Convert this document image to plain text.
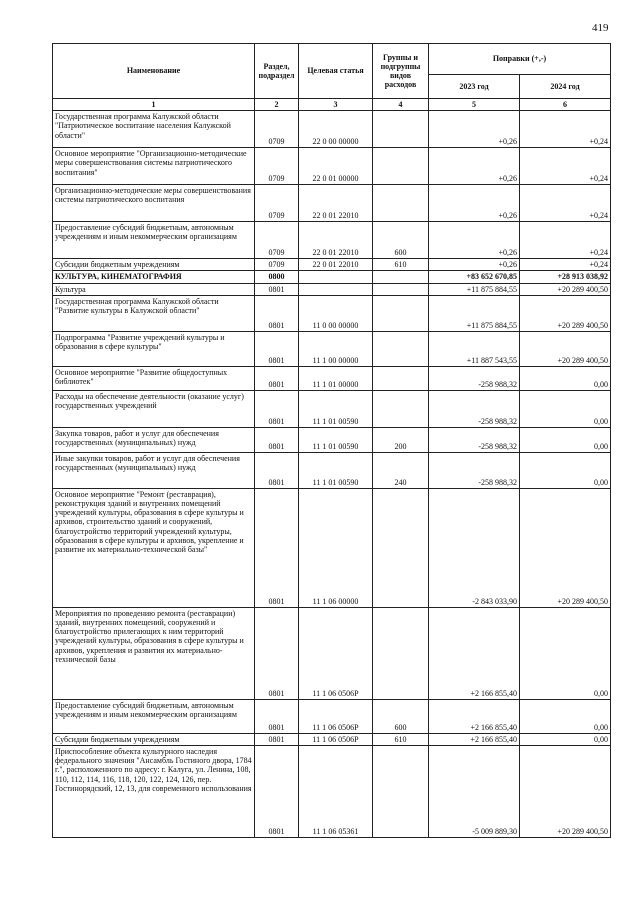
419
Наименование	Раздел, подраздел	Целевая статья	Группы и подгруппы видов расходов	Поправки (+,-)	
				2023 год	2024 год
1	2	3	4	5	6
Государственная программа Калужской области "Патриотическое воспитание населения Калужской области"	0709	22 0 00 00000		+0,26	+0,24
Основное мероприятие "Организационно-методические меры совершенствования системы патриотического воспитания"	0709	22 0 01 00000		+0,26	+0,24
Организационно-методические меры совершенствования системы патриотического воспитания	0709	22 0 01 22010		+0,26	+0,24
Предоставление субсидий бюджетным, автономным учреждениям и иным некоммерческим организациям	0709	22 0 01 22010	600	+0,26	+0,24
Субсидии бюджетным учреждениям	0709	22 0 01 22010	610	+0,26	+0,24
КУЛЬТУРА, КИНЕМАТОГРАФИЯ	0800			+83 652 670,85	+28 913 038,92
Культура	0801			+11 875 884,55	+20 289 400,50
Государственная программа Калужской области "Развитие культуры в Калужской области"	0801	11 0 00 00000		+11 875 884,55	+20 289 400,50
Подпрограмма "Развитие учреждений культуры и образования в сфере культуры"	0801	11 1 00 00000		+11 887 543,55	+20 289 400,50
Основное мероприятие "Развитие общедоступных библиотек"	0801	11 1 01 00000		-258 988,32	0,00
Расходы на обеспечение деятельности (оказание услуг) государственных учреждений	0801	11 1 01 00590		-258 988,32	0,00
Закупка товаров, работ и услуг для обеспечения государственных (муниципальных) нужд	0801	11 1 01 00590	200	-258 988,32	0,00
Иные закупки товаров, работ и услуг для обеспечения государственных (муниципальных) нужд	0801	11 1 01 00590	240	-258 988,32	0,00
Основное мероприятие "Ремонт (реставрация), реконструкция зданий и внутренних помещений учреждений культуры, образования в сфере культуры и архивов, строительство зданий и сооружений, благоустройство территорий учреждений культуры, образования в сфере культуры и архивов, укрепление и развитие их материально-технической базы"	0801	11 1 06 00000		-2 843 033,90	+20 289 400,50
Мероприятия по проведению ремонта (реставрации) зданий, внутренних помещений, сооружений и благоустройство прилегающих к ним территорий учреждений культуры, образования в сфере культуры и архивов, укрепления и развития их материально-технической базы	0801	11 1 06 0506Р		+2 166 855,40	0,00
Предоставление субсидий бюджетным, автономным учреждениям и иным некоммерческим организациям	0801	11 1 06 0506Р	600	+2 166 855,40	0,00
Субсидии бюджетным учреждениям	0801	11 1 06 0506Р	610	+2 166 855,40	0,00
Приспособление объекта культурного наследия федерального значения "Ансамбль Гостиного двора, 1784 г.", расположенного по адресу: г. Калуга, ул. Ленина, 108, 110, 112, 114, 116, 118, 120, 122, 124, 126, пер. Гостинорядский, 12, 13, для современного использования	0801	11 1 06 05361		-5 009 889,30	+20 289 400,50
